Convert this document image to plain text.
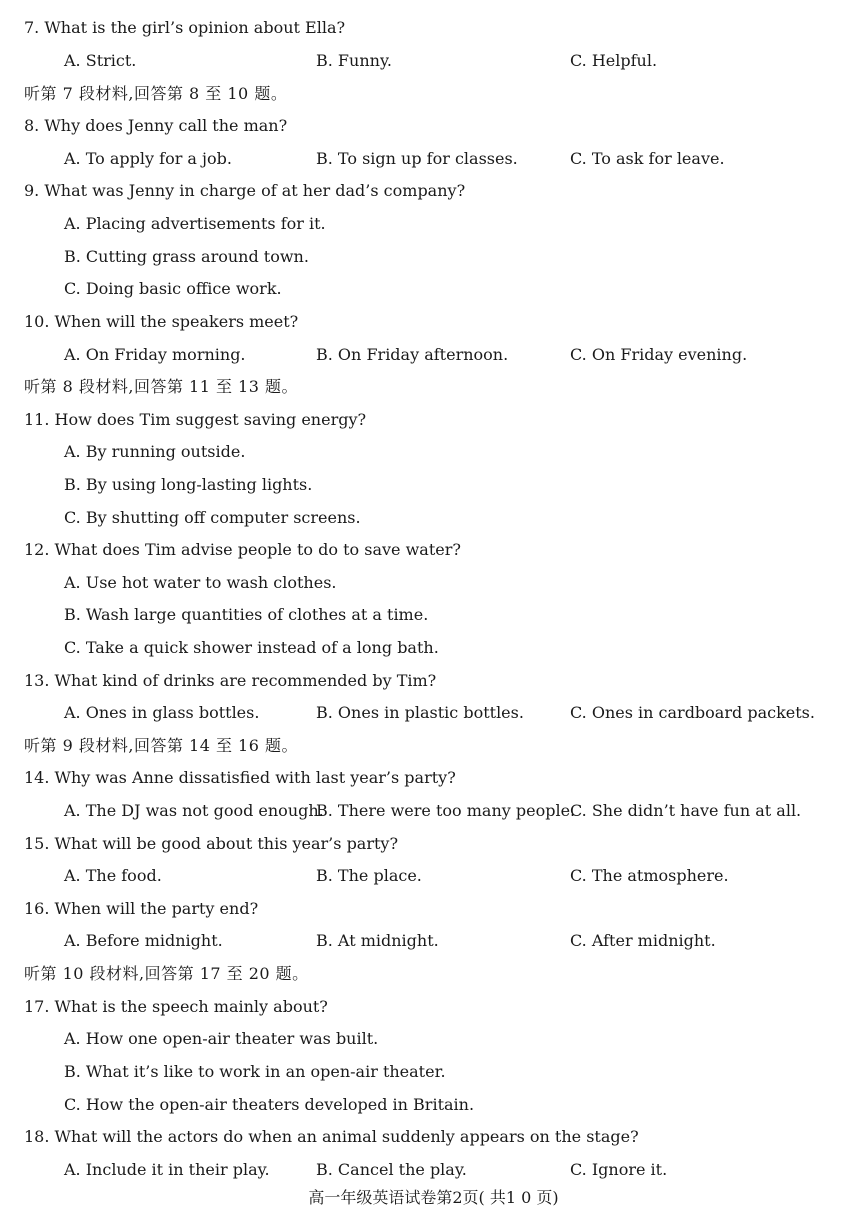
7. What is the girl’s opinion about Ella?
A. Strict.	B. Funny.	C. Helpful.
听第 7 段材料,回答第 8 至 10 题。
8. Why does Jenny call the man?
A. To apply for a job.	B. To sign up for classes.	C. To ask for leave.
9. What was Jenny in charge of at her dad’s company?
A. Placing advertisements for it.
B. Cutting grass around town.
C. Doing basic office work.
10. When will the speakers meet?
A. On Friday morning.	B. On Friday afternoon.	C. On Friday evening.
听第 8 段材料,回答第 11 至 13 题。
11. How does Tim suggest saving energy?
A. By running outside.
B. By using long-lasting lights.
C. By shutting off computer screens.
12. What does Tim advise people to do to save water?
A. Use hot water to wash clothes.
B. Wash large quantities of clothes at a time.
C. Take a quick shower instead of a long bath.
13. What kind of drinks are recommended by Tim?
A. Ones in glass bottles.	B. Ones in plastic bottles.	C. Ones in cardboard packets.
听第 9 段材料,回答第 14 至 16 题。
14. Why was Anne dissatisfied with last year’s party?
A. The DJ was not good enough.
B. There were too many people.
C. She didn’t have fun at all.
15. What will be good about this year’s party?
A. The food.	B. The place.	C. The atmosphere.
16. When will the party end?
A. Before midnight.	B. At midnight.	C. After midnight.
听第 10 段材料,回答第 17 至 20 题。
17. What is the speech mainly about?
A. How one open-air theater was built.
B. What it’s like to work in an open-air theater.
C. How the open-air theaters developed in Britain.
18. What will the actors do when an animal suddenly appears on the stage?
A. Include it in their play.	B. Cancel the play.	C. Ignore it.
高一年级英语试卷第2页( 共1 0 页)
